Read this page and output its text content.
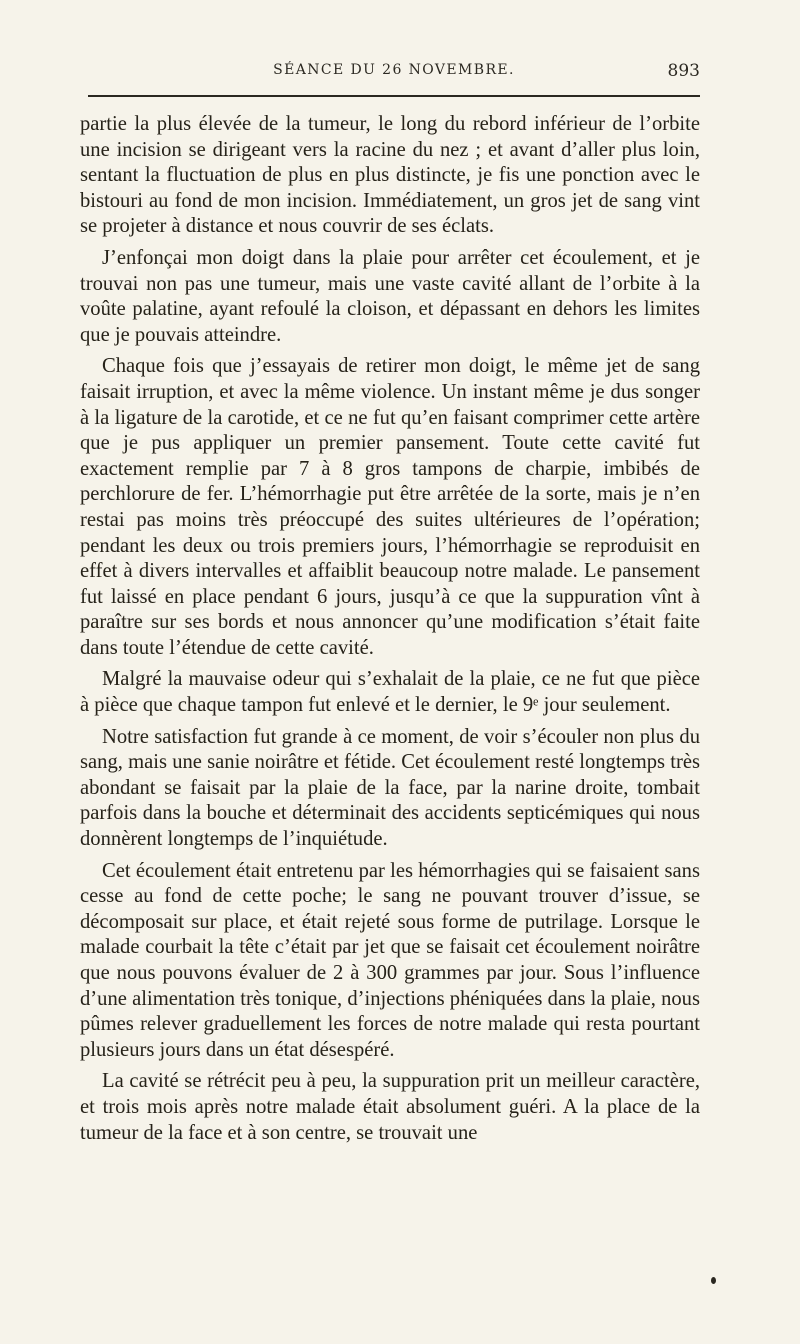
SÉANCE DU 26 NOVEMBRE.	893

partie la plus élevée de la tumeur, le long du rebord inférieur de l’orbite une incision se dirigeant vers la racine du nez ; et avant d’aller plus loin, sentant la fluctuation de plus en plus distincte, je fis une ponction avec le bistouri au fond de mon incision. Immédiatement, un gros jet de sang vint se projeter à distance et nous couvrir de ses éclats.

J’enfonçai mon doigt dans la plaie pour arrêter cet écoulement, et je trouvai non pas une tumeur, mais une vaste cavité allant de l’orbite à la voûte palatine, ayant refoulé la cloison, et dépassant en dehors les limites que je pouvais atteindre.

Chaque fois que j’essayais de retirer mon doigt, le même jet de sang faisait irruption, et avec la même violence. Un instant même je dus songer à la ligature de la carotide, et ce ne fut qu’en faisant comprimer cette artère que je pus appliquer un premier pansement. Toute cette cavité fut exactement remplie par 7 à 8 gros tampons de charpie, imbibés de perchlorure de fer. L’hémorrhagie put être arrêtée de la sorte, mais je n’en restai pas moins très préoccupé des suites ultérieures de l’opération; pendant les deux ou trois premiers jours, l’hémorrhagie se reproduisit en effet à divers intervalles et affaiblit beaucoup notre malade. Le pansement fut laissé en place pendant 6 jours, jusqu’à ce que la suppuration vînt à paraître sur ses bords et nous annoncer qu’une modification s’était faite dans toute l’étendue de cette cavité.

Malgré la mauvaise odeur qui s’exhalait de la plaie, ce ne fut que pièce à pièce que chaque tampon fut enlevé et le dernier, le 9ᵉ jour seulement.

Notre satisfaction fut grande à ce moment, de voir s’écouler non plus du sang, mais une sanie noirâtre et fétide. Cet écoulement resté longtemps très abondant se faisait par la plaie de la face, par la narine droite, tombait parfois dans la bouche et déterminait des accidents septicémiques qui nous donnèrent longtemps de l’inquiétude.

Cet écoulement était entretenu par les hémorrhagies qui se faisaient sans cesse au fond de cette poche; le sang ne pouvant trouver d’issue, se décomposait sur place, et était rejeté sous forme de putrilage. Lorsque le malade courbait la tête c’était par jet que se faisait cet écoulement noirâtre que nous pouvons évaluer de 2 à 300 grammes par jour. Sous l’influence d’une alimentation très tonique, d’injections phéniquées dans la plaie, nous pûmes relever graduellement les forces de notre malade qui resta pourtant plusieurs jours dans un état désespéré.

La cavité se rétrécit peu à peu, la suppuration prit un meilleur caractère, et trois mois après notre malade était absolument guéri. A la place de la tumeur de la face et à son centre, se trouvait une
